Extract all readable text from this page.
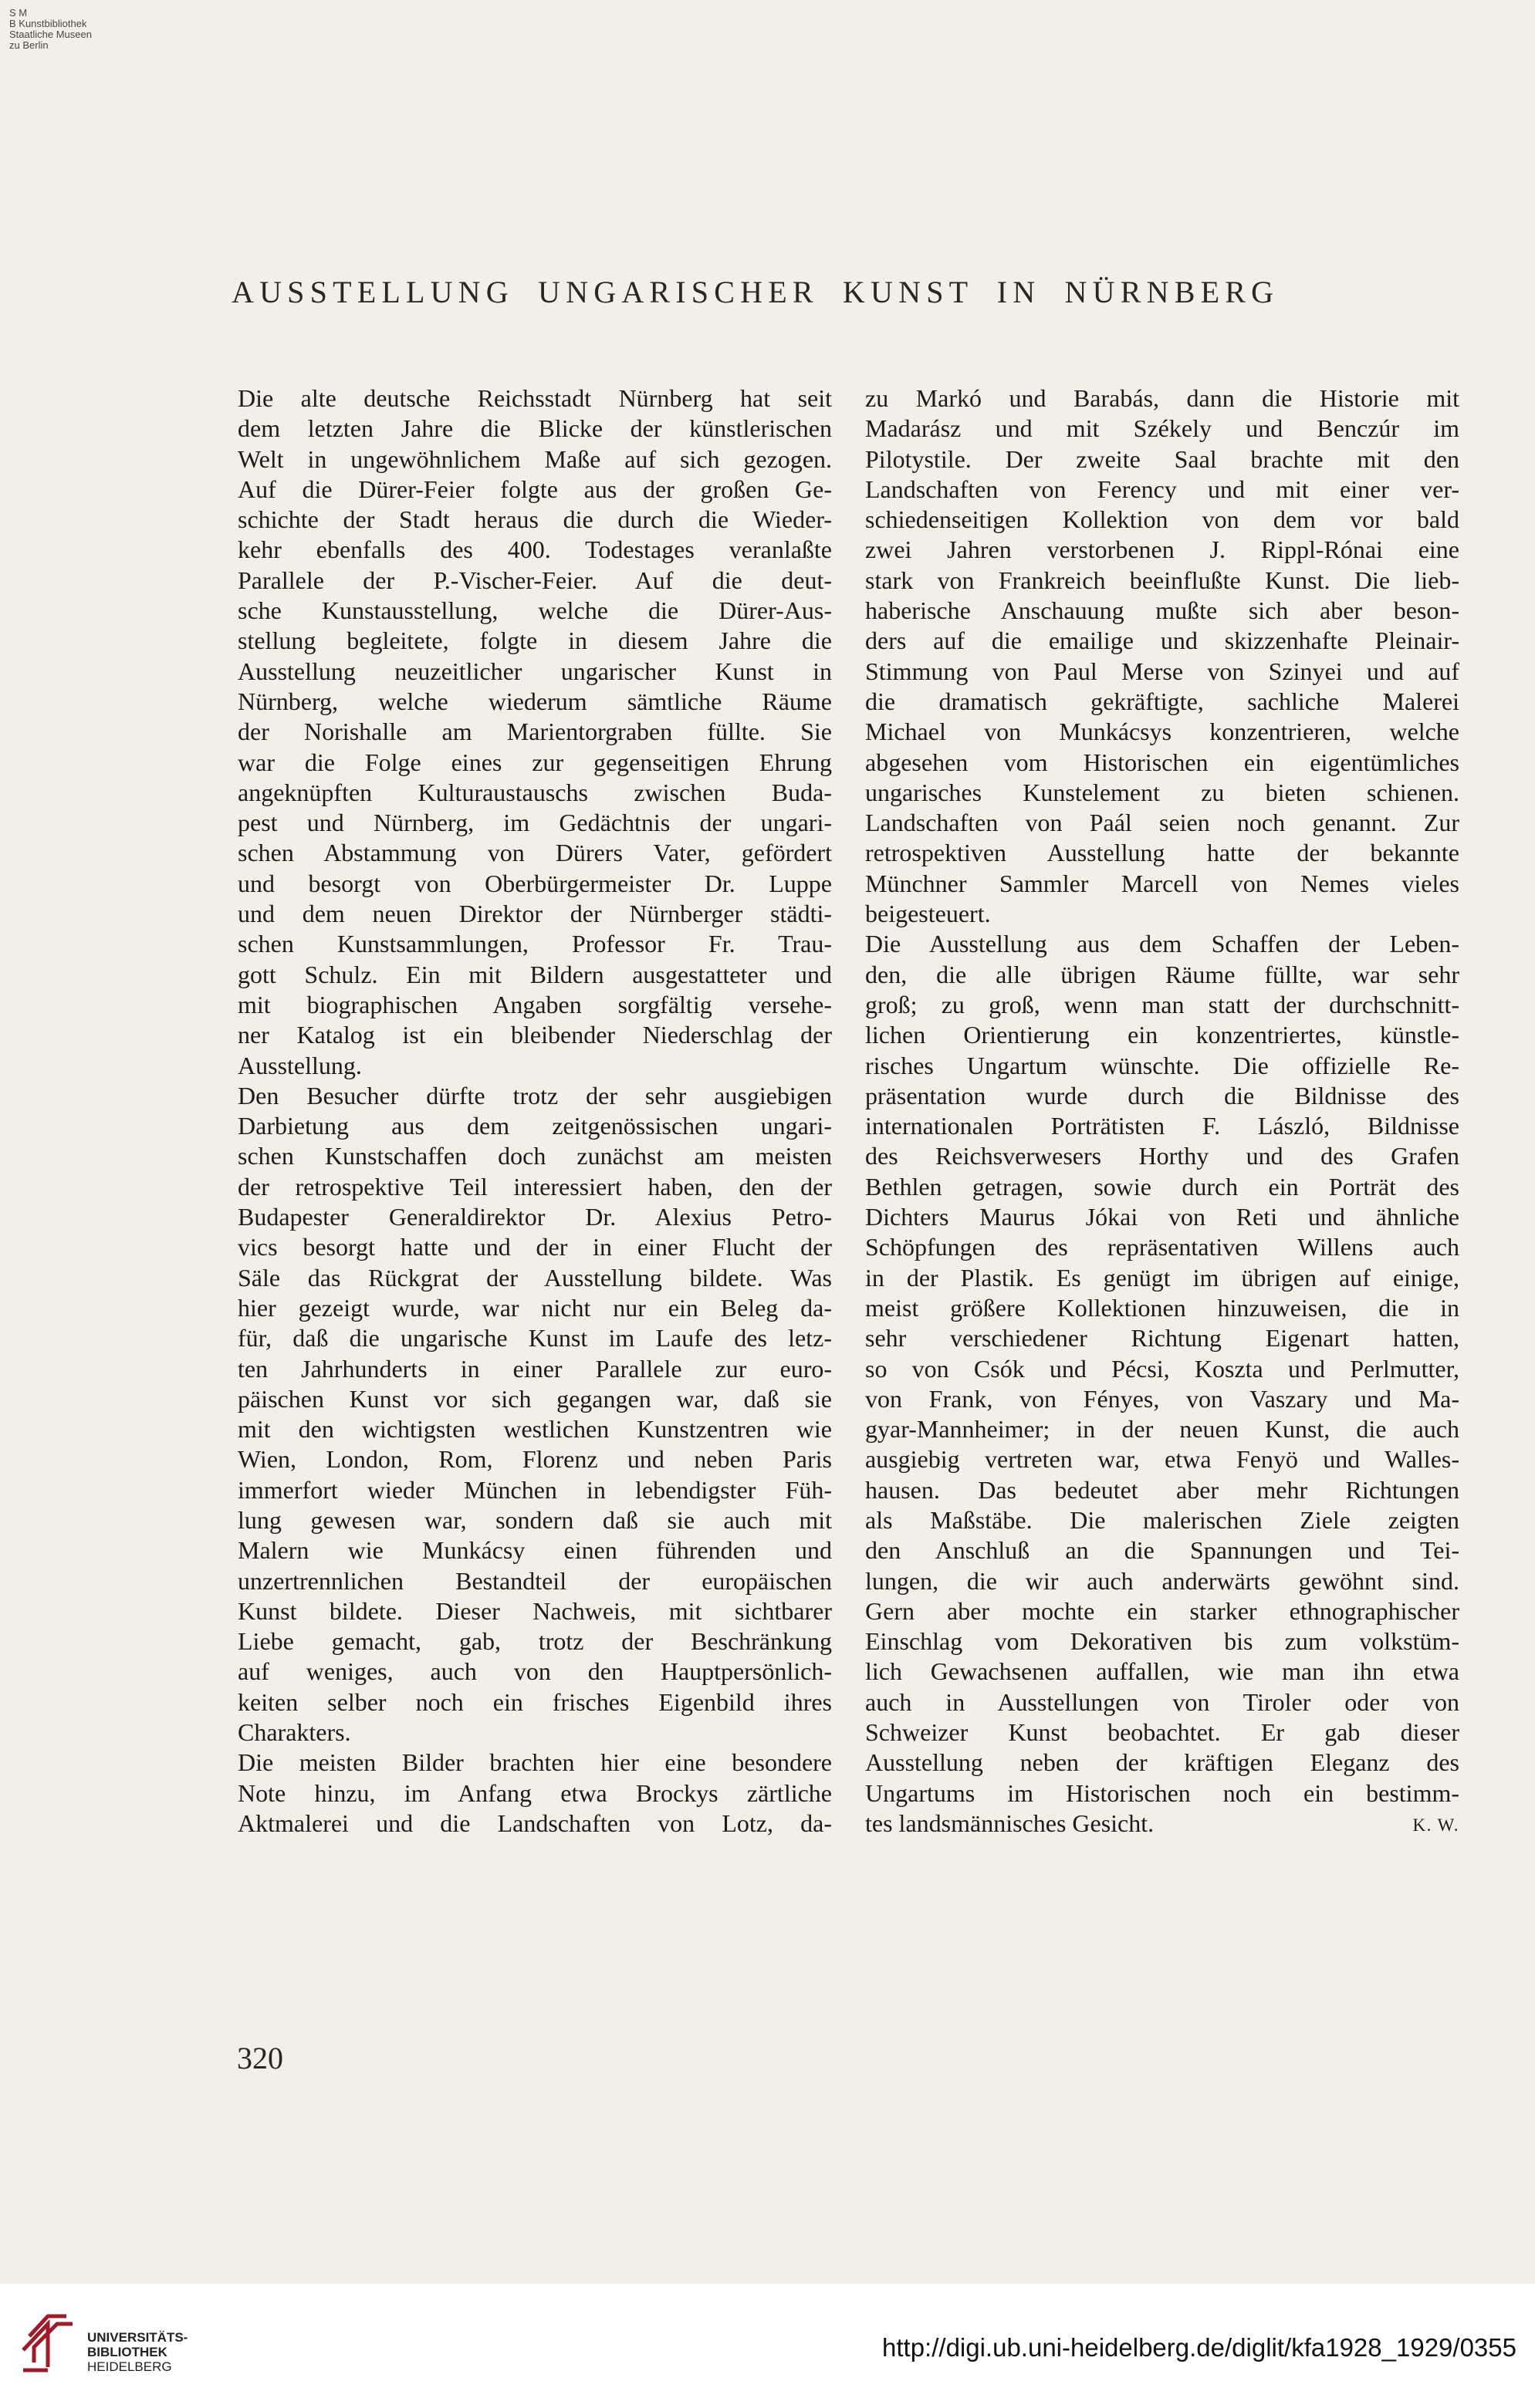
S M
B Kunstbibliothek
Staatliche Museen
zu Berlin
AUSSTELLUNG UNGARISCHER KUNST IN NÜRNBERG
Die alte deutsche Reichsstadt Nürnberg hat seit
dem letzten Jahre die Blicke der künstlerischen
Welt in ungewöhnlichem Maße auf sich gezogen.
Auf die Dürer-Feier folgte aus der großen Ge-
schichte der Stadt heraus die durch die Wieder-
kehr ebenfalls des 400. Todestages veranlaßte
Parallele der P.-Vischer-Feier. Auf die deut-
sche Kunstausstellung, welche die Dürer-Aus-
stellung begleitete, folgte in diesem Jahre die
Ausstellung neuzeitlicher ungarischer Kunst in
Nürnberg, welche wiederum sämtliche Räume
der Norishalle am Marientorgraben füllte. Sie
war die Folge eines zur gegenseitigen Ehrung
angeknüpften Kulturaustauschs zwischen Buda-
pest und Nürnberg, im Gedächtnis der ungari-
schen Abstammung von Dürers Vater, gefördert
und besorgt von Oberbürgermeister Dr. Luppe
und dem neuen Direktor der Nürnberger städti-
schen Kunstsammlungen, Professor Fr. Trau-
gott Schulz. Ein mit Bildern ausgestatteter und
mit biographischen Angaben sorgfältig versehe-
ner Katalog ist ein bleibender Niederschlag der
Ausstellung.
Den Besucher dürfte trotz der sehr ausgiebigen
Darbietung aus dem zeitgenössischen ungari-
schen Kunstschaffen doch zunächst am meisten
der retrospektive Teil interessiert haben, den der
Budapester Generaldirektor Dr. Alexius Petro-
vics besorgt hatte und der in einer Flucht der
Säle das Rückgrat der Ausstellung bildete. Was
hier gezeigt wurde, war nicht nur ein Beleg da-
für, daß die ungarische Kunst im Laufe des letz-
ten Jahrhunderts in einer Parallele zur euro-
päischen Kunst vor sich gegangen war, daß sie
mit den wichtigsten westlichen Kunstzentren wie
Wien, London, Rom, Florenz und neben Paris
immerfort wieder München in lebendigster Füh-
lung gewesen war, sondern daß sie auch mit
Malern wie Munkácsy einen führenden und
unzertrennlichen Bestandteil der europäischen
Kunst bildete. Dieser Nachweis, mit sichtbarer
Liebe gemacht, gab, trotz der Beschränkung
auf weniges, auch von den Hauptpersönlich-
keiten selber noch ein frisches Eigenbild ihres
Charakters.
Die meisten Bilder brachten hier eine besondere
Note hinzu, im Anfang etwa Brockys zärtliche
Aktmalerei und die Landschaften von Lotz, da-
zu Markó und Barabás, dann die Historie mit
Madarász und mit Székely und Benczúr im
Pilotystile. Der zweite Saal brachte mit den
Landschaften von Ferency und mit einer ver-
schiedenseitigen Kollektion von dem vor bald
zwei Jahren verstorbenen J. Rippl-Rónai eine
stark von Frankreich beeinflußte Kunst. Die lieb-
haberische Anschauung mußte sich aber beson-
ders auf die emailige und skizzenhafte Pleinair-
Stimmung von Paul Merse von Szinyei und auf
die dramatisch gekräftigte, sachliche Malerei
Michael von Munkácsys konzentrieren, welche
abgesehen vom Historischen ein eigentümliches
ungarisches Kunstelement zu bieten schienen.
Landschaften von Paál seien noch genannt. Zur
retrospektiven Ausstellung hatte der bekannte
Münchner Sammler Marcell von Nemes vieles
beigesteuert.
Die Ausstellung aus dem Schaffen der Leben-
den, die alle übrigen Räume füllte, war sehr
groß; zu groß, wenn man statt der durchschnitt-
lichen Orientierung ein konzentriertes, künstle-
risches Ungartum wünschte. Die offizielle Re-
präsentation wurde durch die Bildnisse des
internationalen Porträtisten F. László, Bildnisse
des Reichsverwesers Horthy und des Grafen
Bethlen getragen, sowie durch ein Porträt des
Dichters Maurus Jókai von Reti und ähnliche
Schöpfungen des repräsentativen Willens auch
in der Plastik. Es genügt im übrigen auf einige,
meist größere Kollektionen hinzuweisen, die in
sehr verschiedener Richtung Eigenart hatten,
so von Csók und Pécsi, Koszta und Perlmutter,
von Frank, von Fényes, von Vaszary und Ma-
gyar-Mannheimer; in der neuen Kunst, die auch
ausgiebig vertreten war, etwa Fenyö und Walles-
hausen. Das bedeutet aber mehr Richtungen
als Maßstäbe. Die malerischen Ziele zeigten
den Anschluß an die Spannungen und Tei-
lungen, die wir auch anderwärts gewöhnt sind.
Gern aber mochte ein starker ethnographischer
Einschlag vom Dekorativen bis zum volkstüm-
lich Gewachsenen auffallen, wie man ihn etwa
auch in Ausstellungen von Tiroler oder von
Schweizer Kunst beobachtet. Er gab dieser
Ausstellung neben der kräftigen Eleganz des
Ungartums im Historischen noch ein bestimm-
tes landsmännisches Gesicht.	K. W.
320
UNIVERSITÄTS-
BIBLIOTHEK
HEIDELBERG
http://digi.ub.uni-heidelberg.de/diglit/kfa1928_1929/0355
